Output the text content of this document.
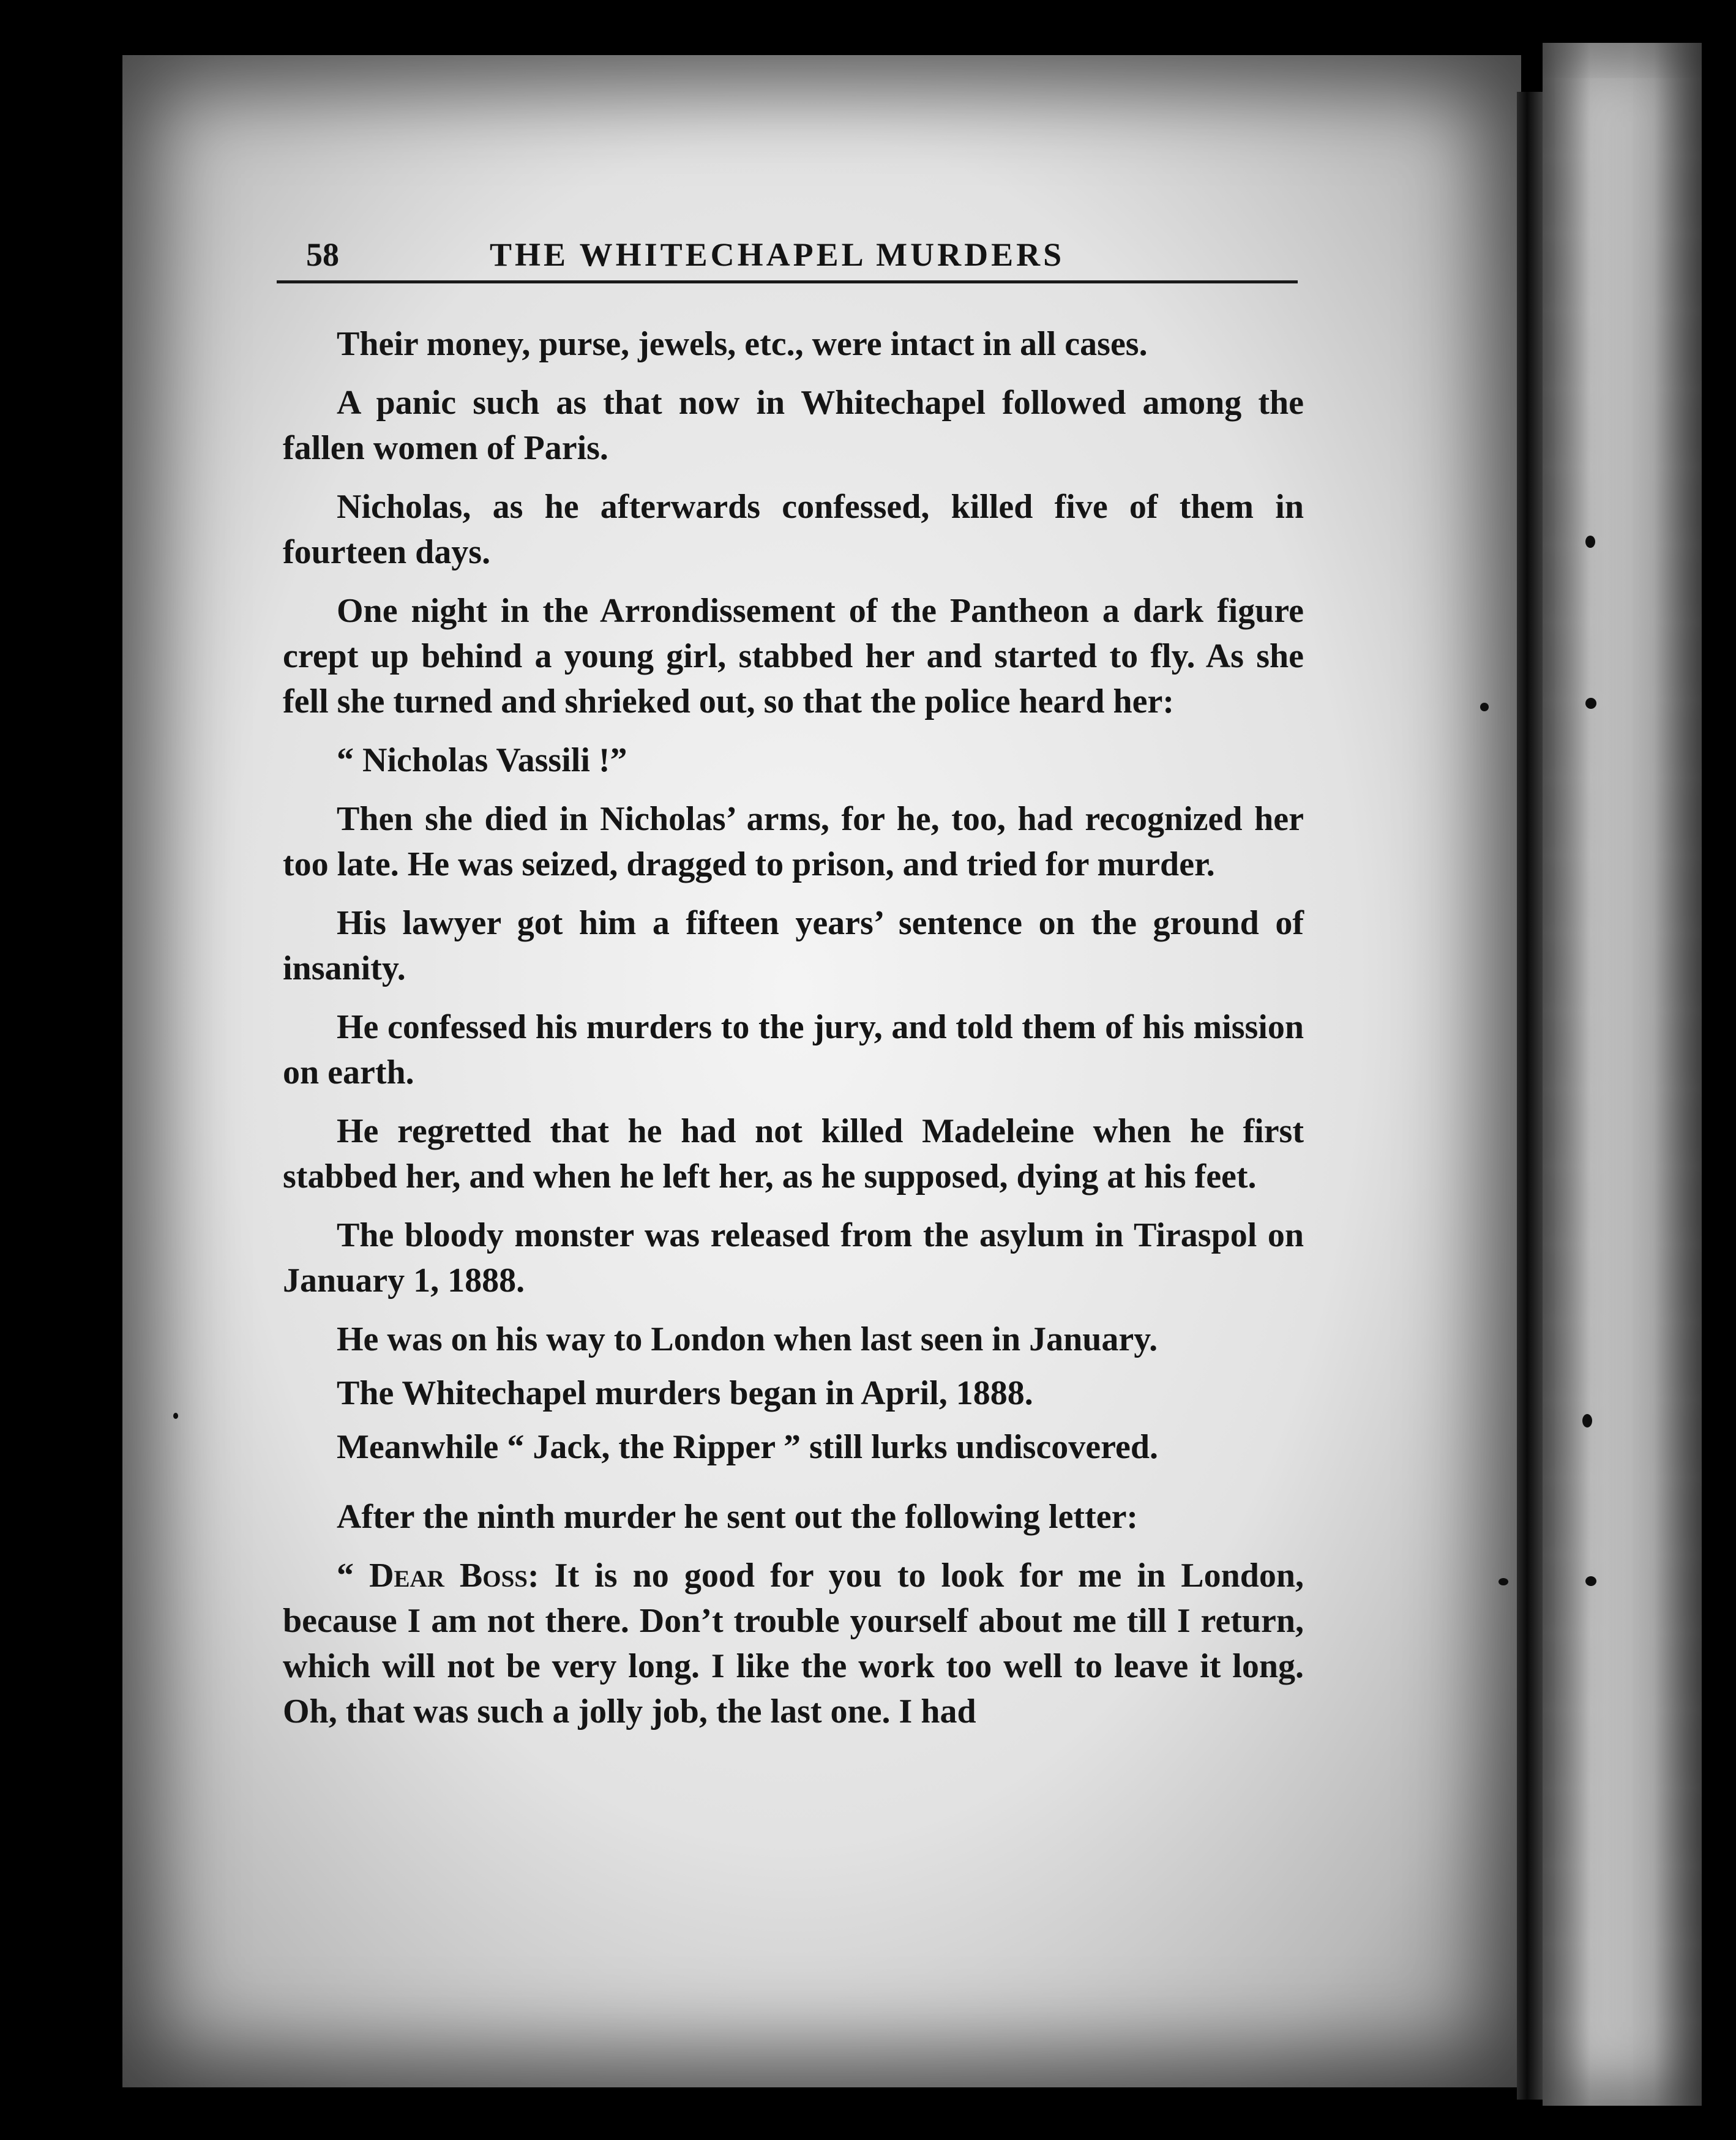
58	THE WHITECHAPEL MURDERS

Their money, purse, jewels, etc., were intact in all cases.

A panic such as that now in Whitechapel followed among the fallen women of Paris.

Nicholas, as he afterwards confessed, killed five of them in fourteen days.

One night in the Arrondissement of the Pantheon a dark figure crept up behind a young girl, stabbed her and started to fly. As she fell she turned and shrieked out, so that the police heard her:

“ Nicholas Vassili !”

Then she died in Nicholas’ arms, for he, too, had recognized her too late. He was seized, dragged to prison, and tried for murder.

His lawyer got him a fifteen years’ sentence on the ground of insanity.

He confessed his murders to the jury, and told them of his mission on earth.

He regretted that he had not killed Madeleine when he first stabbed her, and when he left her, as he supposed, dying at his feet.

The bloody monster was released from the asylum in Tiraspol on January 1, 1888.

He was on his way to London when last seen in January.

The Whitechapel murders began in April, 1888.

Meanwhile “ Jack, the Ripper ” still lurks undiscovered.

After the ninth murder he sent out the following letter:

“ Dear Boss: It is no good for you to look for me in London, because I am not there. Don’t trouble yourself about me till I return, which will not be very long. I like the work too well to leave it long. Oh, that was such a jolly job, the last one. I had
